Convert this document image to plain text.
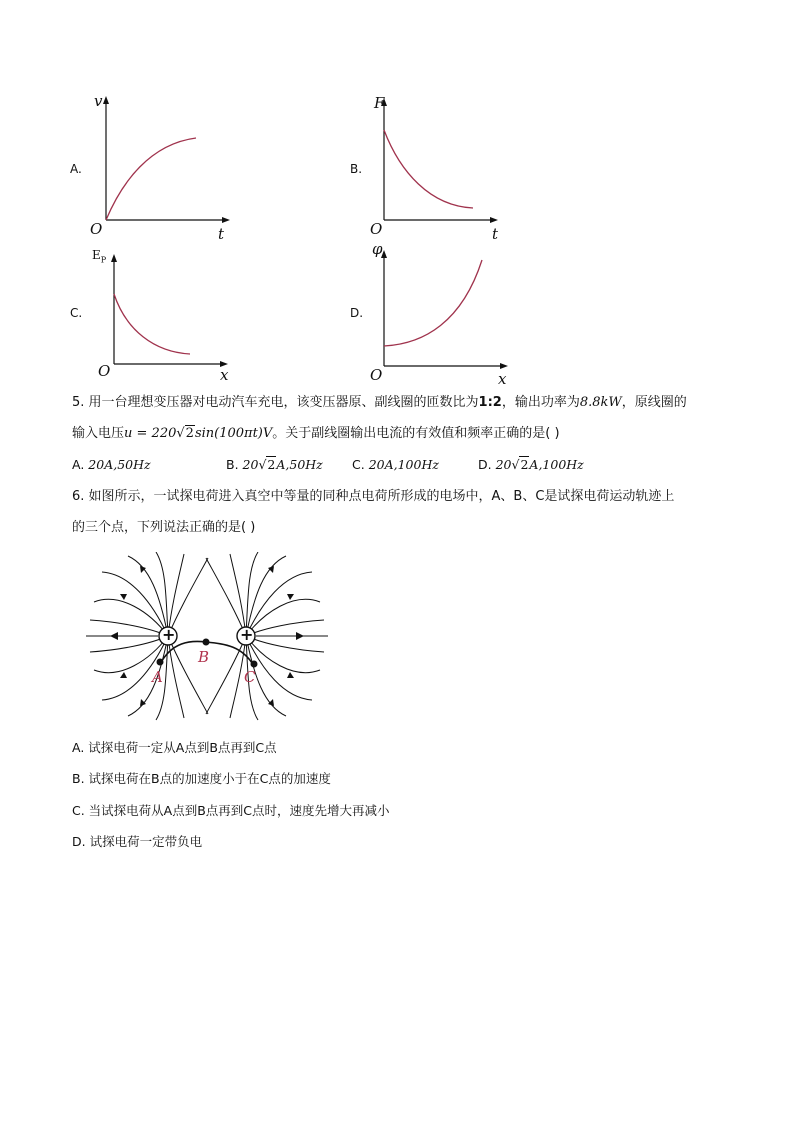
A.
v
t
O
B.
F
t
O
C.
$E_P$
x
O
D.
φ
x
O
5. 用一台理想变压器对电动汽车充电，该变压器原、副线圈的匝数比为1:2，输出功率为8.8kW，原线圈的
输入电压u = 220√2sin(100πt)V。关于副线圈输出电流的有效值和频率正确的是( )
A. 20A,50Hz	B. 20√2A,50Hz C. 20A,100Hz	D. 20√2A,100Hz
6. 如图所示，一试探电荷进入真空中等量的同种点电荷所形成的电场中，A、B、C是试探电荷运动轨迹上
的三个点，下列说法正确的是( )
+	+
A
B
C
A. 试探电荷一定从A点到B点再到C点
B. 试探电荷在B点的加速度小于在C点的加速度
C. 当试探电荷从A点到B点再到C点时，速度先增大再减小
D. 试探电荷一定带负电
